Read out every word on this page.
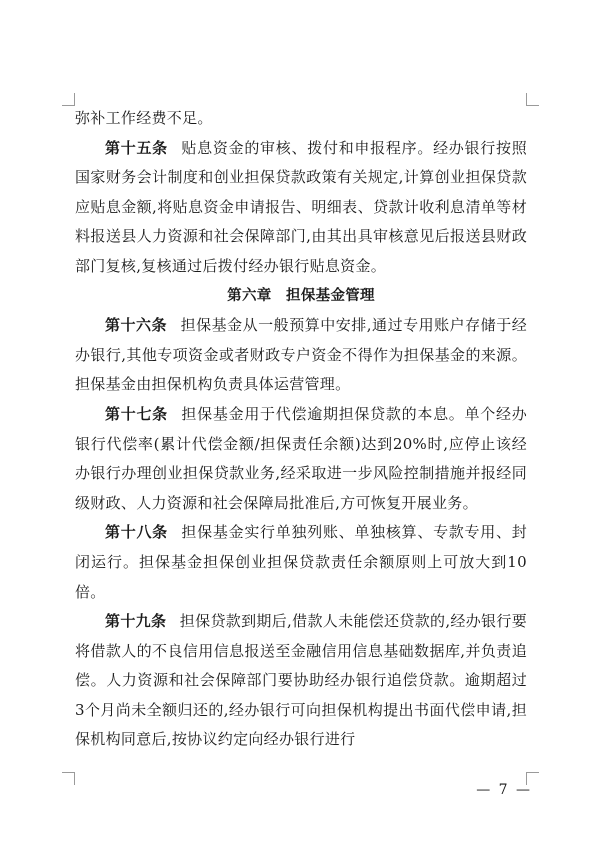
弥补工作经费不足。

第十五条 贴息资金的审核、拨付和申报程序。经办银行按照国家财务会计制度和创业担保贷款政策有关规定,计算创业担保贷款应贴息金额,将贴息资金申请报告、明细表、贷款计收利息清单等材料报送县人力资源和社会保障部门,由其出具审核意见后报送县财政部门复核,复核通过后拨付经办银行贴息资金。

第六章 担保基金管理

第十六条 担保基金从一般预算中安排,通过专用账户存储于经办银行,其他专项资金或者财政专户资金不得作为担保基金的来源。担保基金由担保机构负责具体运营管理。

第十七条 担保基金用于代偿逾期担保贷款的本息。单个经办银行代偿率(累计代偿金额/担保责任余额)达到20%时,应停止该经办银行办理创业担保贷款业务,经采取进一步风险控制措施并报经同级财政、人力资源和社会保障局批准后,方可恢复开展业务。

第十八条 担保基金实行单独列账、单独核算、专款专用、封闭运行。担保基金担保创业担保贷款责任余额原则上可放大到10倍。

第十九条 担保贷款到期后,借款人未能偿还贷款的,经办银行要将借款人的不良信用信息报送至金融信用信息基础数据库,并负责追偿。人力资源和社会保障部门要协助经办银行追偿贷款。逾期超过3个月尚未全额归还的,经办银行可向担保机构提出书面代偿申请,担保机构同意后,按协议约定向经办银行进行

— 7 —
